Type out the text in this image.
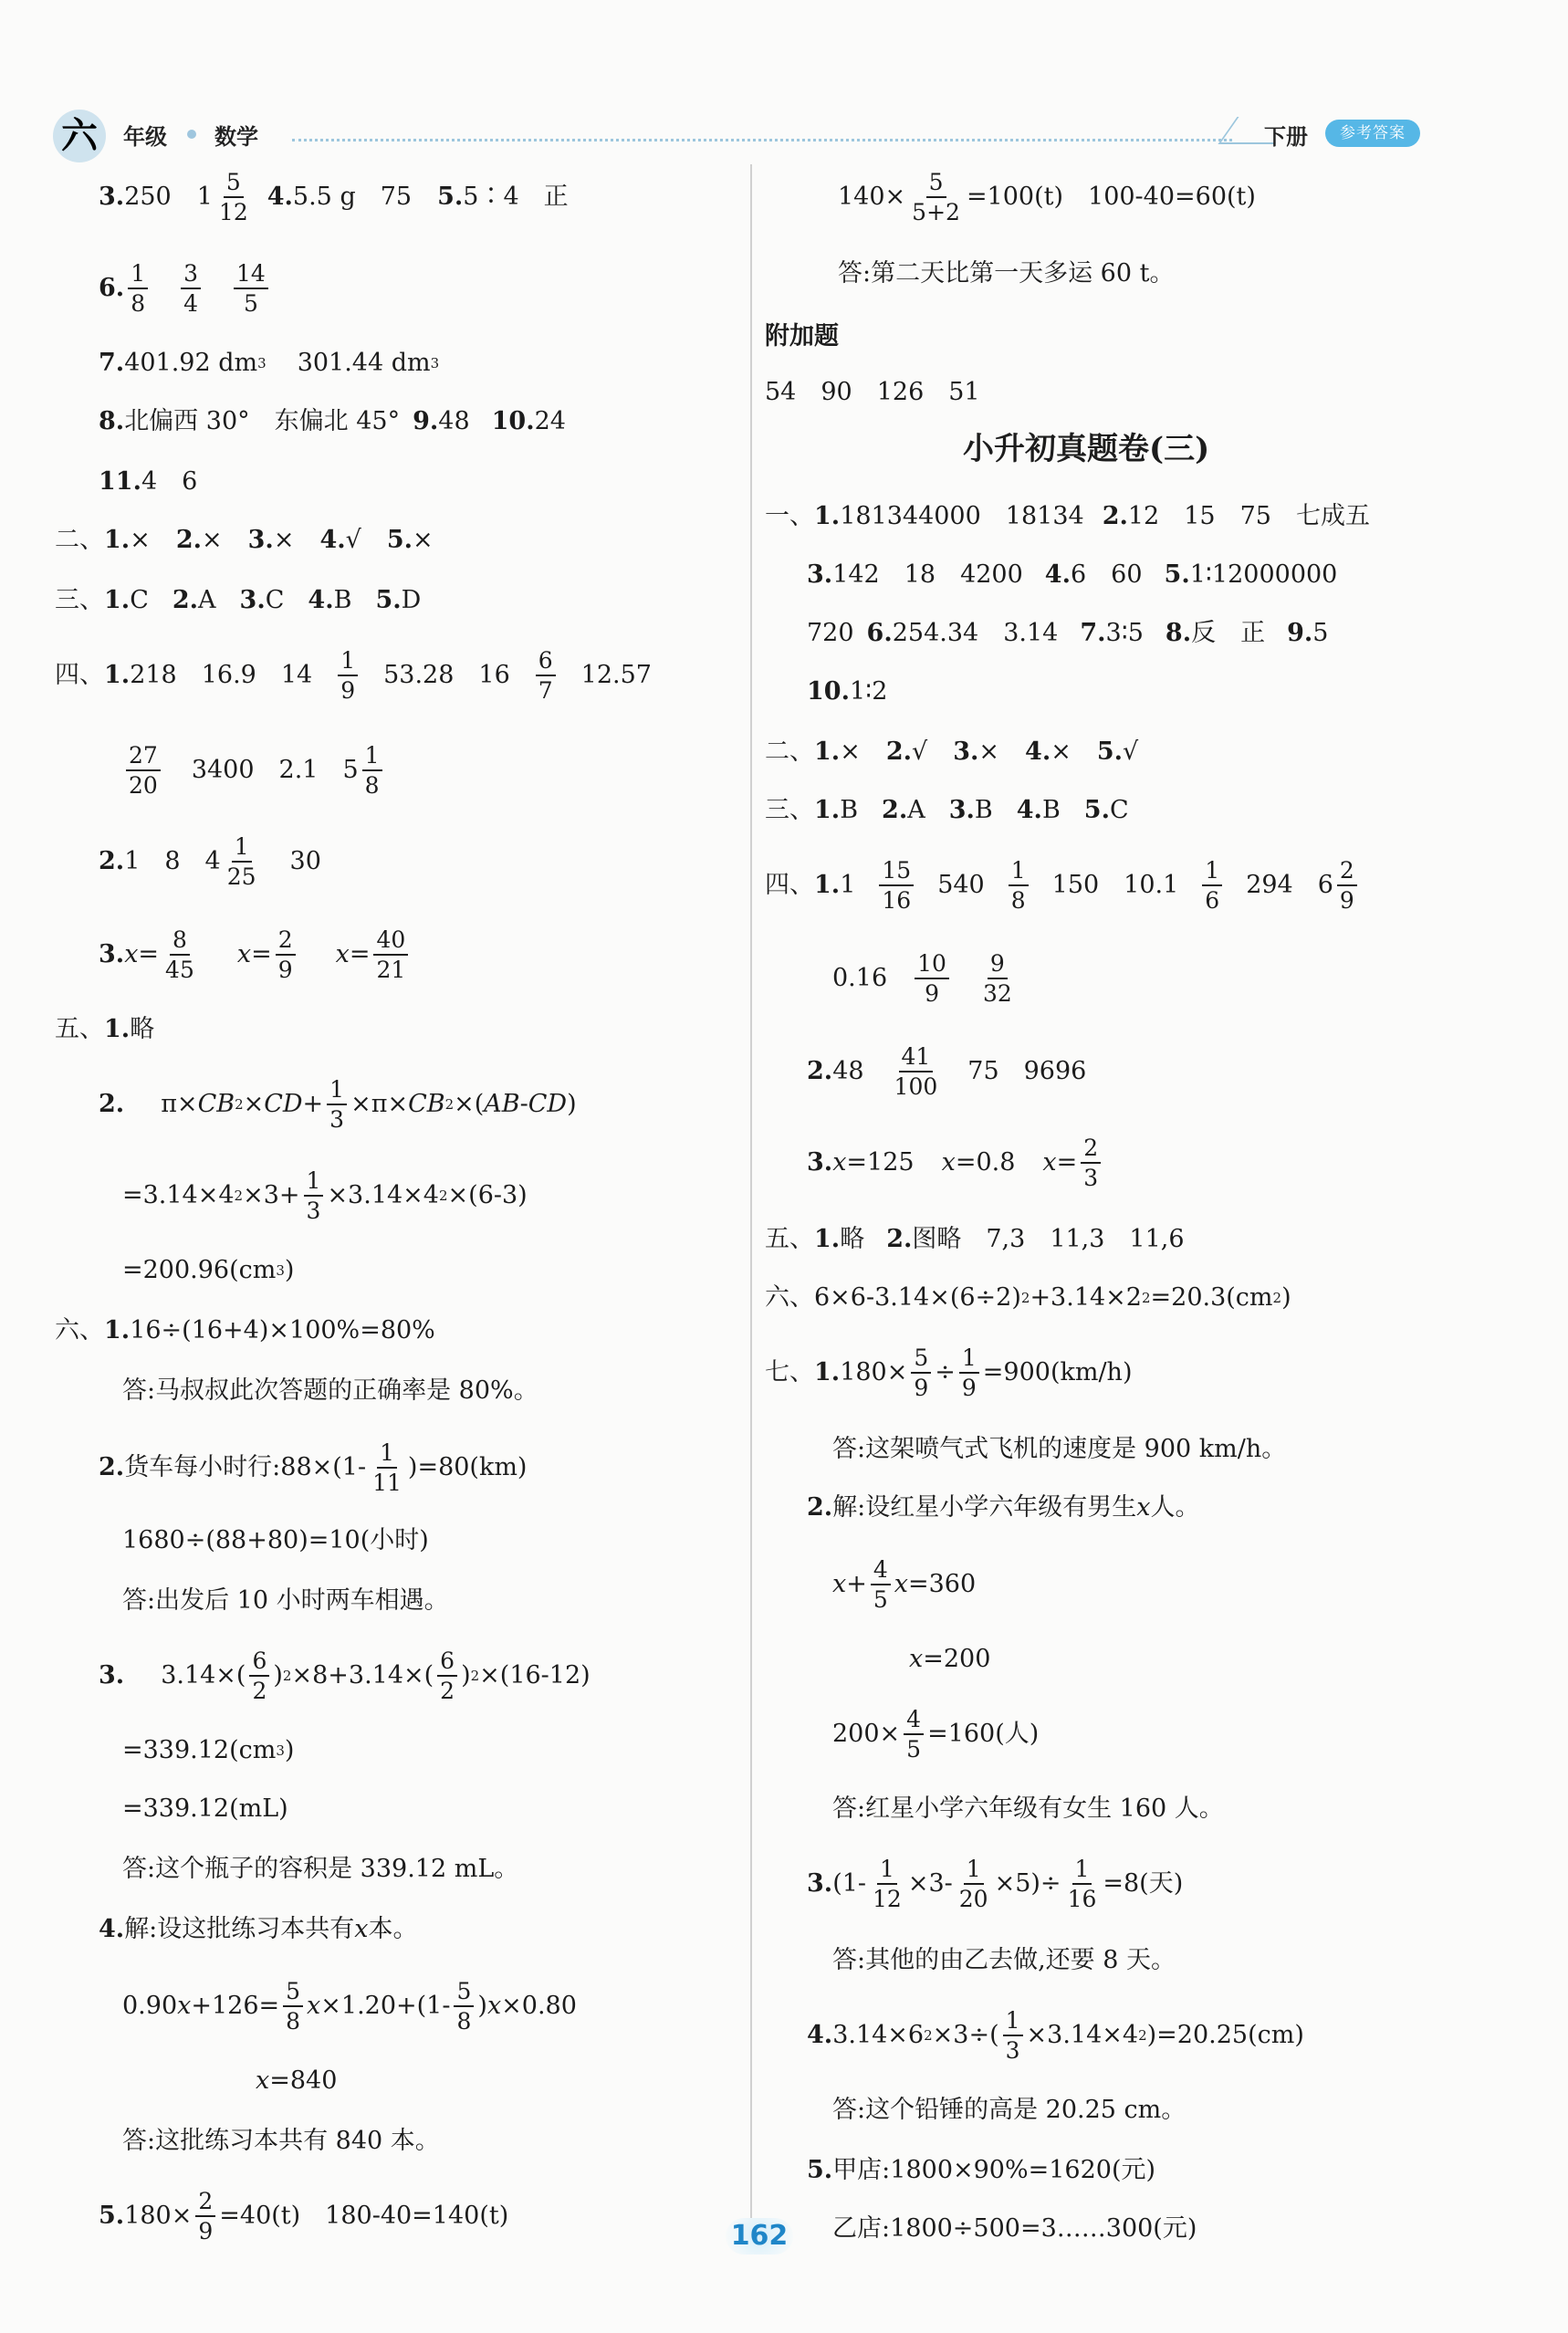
六	年级 数学	下册	参考答案
3. 250 1
5
12
4. 5.5 g　75 5. 5∶4　正
6.
1
8
3
4
14
5
7. 401.92 dm 3 301.44 dm 3
8. 北偏西 30°　东偏北 45° 9. 48 10. 24
11. 4　6
二、 1. × 2. × 3. × 4. √ 5. ×
三、 1. C 2. A 3. C 4. B 5. D
四、 1. 218　16.9　14
1
9
53.28　16
6
7
12.57
27
20
3400　2.1　5
1
8
2. 1　8　4
1
25
30
3. $x = \frac{8}{45}$ $x = \frac{2}{9}$ $x = \frac{40}{21}$
五、 1. 略
2. π× CB 2 × CD + $\frac{1}{3} \times\pi\times$ CB 2 ×( AB - CD )
=3.14×4 $2 \times 3+ \frac{1}{3} \times 3.14\times 4$ 2 ×(6-3)
=200.96(cm 3 )
六、 1. 16÷(16+4)×100%=80%
答:马叔叔此次答题的正确率是 80%。
2. 货车每小时行:88×(1-
1
11
)=80(km)
1680÷(88+80)=10(小时)
答:出发后 10 小时两车相遇。
3. 3.14×(
6
2
) 2 ×8+3.14×(
6
2
) 2 ×(16-12)
=339.12(cm 3 )
=339.12(mL)
答:这个瓶子的容积是 339.12 mL。
4. 解:设这批练习本共有 x 本。
0.90 $x +126= \frac{5}{8}$ x ×1.20+(1-
5
8
) x ×0.80
x =840
答:这批练习本共有 840 本。
5. $180\times \frac{2}{9} =40(t)$　180-40=140(t)
$140\times \frac{5}{5+2} =100(t)$　100-40=60(t)
答:第二天比第一天多运 60 t。
附加题
54　90　126　51
小升初真题卷(三)
一、 1. 181344000　18134 2. 12　15　75　七成五
3. 142　18　4200 4. 6　60 5. 1∶12000000
720 6. 254.34　3.14 7. 3∶5 8. 反　正 9. 5
10. 1∶2
二、 1. × 2. √ 3. × 4. × 5. √
三、 1. B 2. A 3. B 4. B 5. C
四、 1. 1
15
16
540
1
8
150　10.1
1
6
294　6
2
9
0.16
10
9
9
32
2. 48
41
100
75　9696
3. x =125 x =0.8 $x = \frac{2}{3}$
五、 1. 略 2. 图略　7,3　11,3　11,6
六、 6×6-3.14×(6÷2) 2 +3.14×2 2 =20.3(cm 2 )
七、 1. $180\times \frac{5}{9} \div \frac{1}{9} =900(km/h)$
答:这架喷气式飞机的速度是 900 km/h。
2. 解:设红星小学六年级有男生 x 人。
$x + \frac{4}{5}$ x =360
x =200
$200\times \frac{4}{5} =160$(人)
答:红星小学六年级有女生 160 人。
3. $(1- \frac{1}{12} \times 3- \frac{1}{20} \times 5)\div \frac{1}{16} =8$(天)
答:其他的由乙去做,还要 8 天。
4. 3.14×6 $2 \times 3\div( \frac{1}{3} \times 3.14\times 4$ 2 )=20.25(cm)
答:这个铅锤的高是 20.25 cm。
5. 甲店:1800×90%=1620(元)
乙店:1800÷500=3……300(元)
162
